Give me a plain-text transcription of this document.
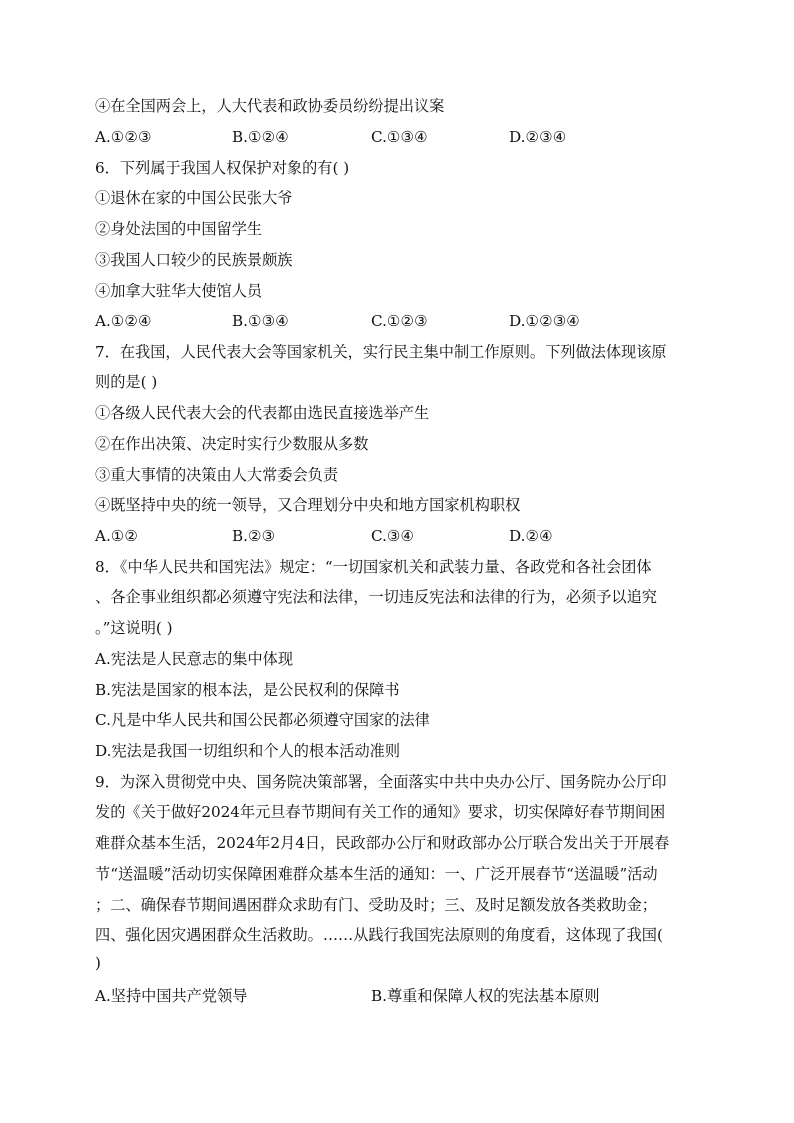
④在全国两会上，人大代表和政协委员纷纷提出议案
A.①②③	B.①②④	C.①③④	D.②③④
6．下列属于我国人权保护对象的有( )
①退休在家的中国公民张大爷
②身处法国的中国留学生
③我国人口较少的民族景颇族
④加拿大驻华大使馆人员
A.①②④	B.①③④	C.①②③	D.①②③④
7．在我国，人民代表大会等国家机关，实行民主集中制工作原则。下列做法体现该原
则的是( )
①各级人民代表大会的代表都由选民直接选举产生
②在作出决策、决定时实行少数服从多数
③重大事情的决策由人大常委会负责
④既坚持中央的统一领导，又合理划分中央和地方国家机构职权
A.①②	B.②③	C.③④	D.②④
8．《中华人民共和国宪法》规定：“一切国家机关和武装力量、各政党和各社会团体
、各企事业组织都必须遵守宪法和法律，一切违反宪法和法律的行为，必须予以追究
。”这说明( )
A.宪法是人民意志的集中体现
B.宪法是国家的根本法，是公民权利的保障书
C.凡是中华人民共和国公民都必须遵守国家的法律
D.宪法是我国一切组织和个人的根本活动准则
9．为深入贯彻党中央、国务院决策部署，全面落实中共中央办公厅、国务院办公厅印
发的《关于做好2024年元旦春节期间有关工作的通知》要求，切实保障好春节期间困
难群众基本生活，2024年2月4日，民政部办公厅和财政部办公厅联合发出关于开展春
节“送温暖”活动切实保障困难群众基本生活的通知：一、广泛开展春节“送温暖”活动
；二、确保春节期间遇困群众求助有门、受助及时；三、及时足额发放各类救助金；
四、强化因灾遇困群众生活救助。……从践行我国宪法原则的角度看，这体现了我国(
)
A.坚持中国共产党领导	B.尊重和保障人权的宪法基本原则
